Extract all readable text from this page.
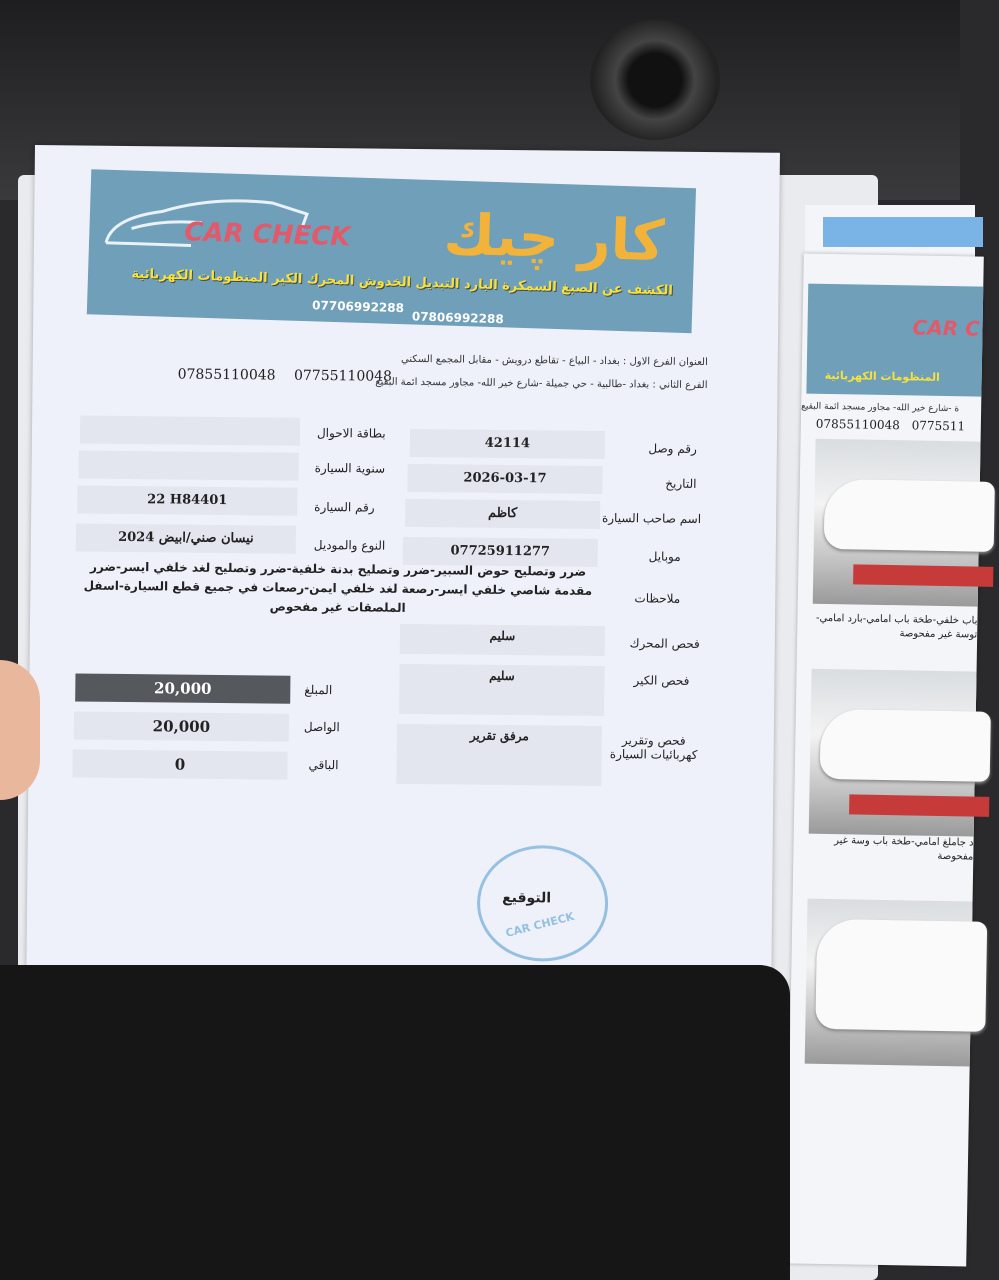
CAR C
المنظومات الكهربائية
ة -شارع خير الله- مجاور مسجد ائمة البقيع
07855110048 0775511
باب خلفي-طخة باب امامي-بارد امامي-توسة غير مفحوصة
د جاملغ امامي-طخة باب وسة غير مفحوصة
CAR CHECK كار چيك
الكشف عن الصبغ السمكرة البارد التبديل الخدوش المحرك الكير المنظومات الكهربائية
07706992288
07806992288
العنوان الفرع الاول : بغداد - البياع - تقاطع درويش - مقابل المجمع السكني
الفرع الثاني : بغداد -طالبية - حي جميلة -شارع خير الله- مجاور مسجد ائمة البقيع
07855110048 07755110048
رقم وصل
42114
التاريخ
2026-03-17
اسم صاحب السيارة
كاظم
موبايل
07725911277
بطاقة الاحوال
سنوية السيارة
رقم السيارة
22 H84401
النوع والموديل
نيسان صني/ابيض 2024
ملاحظات
ضرر وتصليح حوض السبير-ضرر وتصليح بدنة خلفية-ضرر وتصليح لغد خلفي ايسر-ضرر مقدمة شاصي خلفي ايسر-رصعة لغد خلفي ايمن-رصعات في جميع قطع السيارة-اسفل الملصقات غير مفحوص
فحص المحرك
سليم
فحص الكير
سليم
فحص وتقرير كهربائيات السيارة
مرفق تقرير
المبلغ
20,000
الواصل
20,000
الباقي
0
CAR CHECK
التوقيع
